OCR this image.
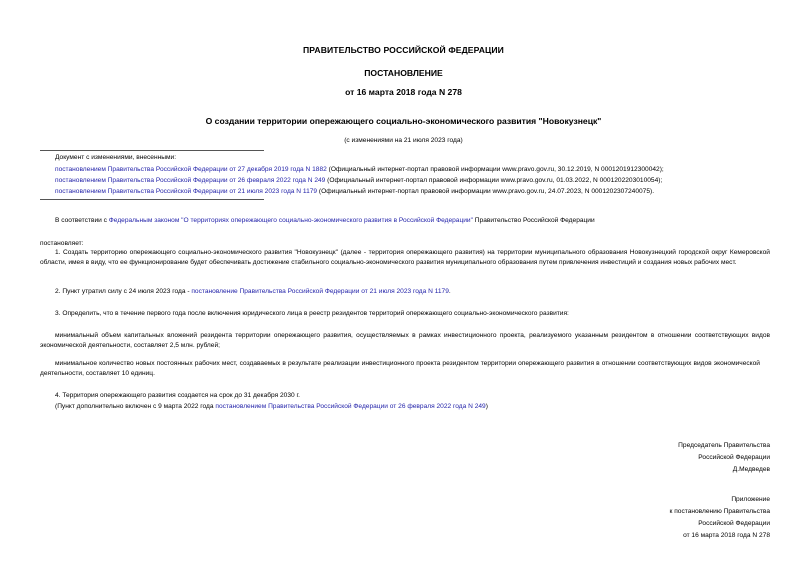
ПРАВИТЕЛЬСТВО РОССИЙСКОЙ ФЕДЕРАЦИИ
ПОСТАНОВЛЕНИЕ
от 16 марта 2018 года N 278
О создании территории опережающего социально-экономического развития "Новокузнецк"
(с изменениями на 21 июля 2023 года)
Документ с изменениями, внесенными:
постановлением Правительства Российской Федерации от 27 декабря 2019 года N 1882 (Официальный интернет-портал правовой информации www.pravo.gov.ru, 30.12.2019, N 0001201912300042);
постановлением Правительства Российской Федерации от 26 февраля 2022 года N 249 (Официальный интернет-портал правовой информации www.pravo.gov.ru, 01.03.2022, N 0001202203010054);
постановлением Правительства Российской Федерации от 21 июля 2023 года N 1179 (Официальный интернет-портал правовой информации www.pravo.gov.ru, 24.07.2023, N 0001202307240075).
В соответствии с Федеральным законом "О территориях опережающего социально-экономического развития в Российской Федерации" Правительство Российской Федерации
постановляет:
1. Создать территорию опережающего социально-экономического развития "Новокузнецк" (далее - территория опережающего развития) на территории муниципального образования Новокузнецкий городской округ Кемеровской области, имея в виду, что ее функционирование будет обеспечивать достижение стабильного социально-экономического развития муниципального образования путем привлечения инвестиций и создания новых рабочих мест.
2. Пункт утратил силу с 24 июля 2023 года - постановление Правительства Российской Федерации от 21 июля 2023 года N 1179.
3. Определить, что в течение первого года после включения юридического лица в реестр резидентов территорий опережающего социально-экономического развития:
минимальный объем капитальных вложений резидента территории опережающего развития, осуществляемых в рамках инвестиционного проекта, реализуемого указанным резидентом в отношении соответствующих видов экономической деятельности, составляет 2,5 млн. рублей;
минимальное количество новых постоянных рабочих мест, создаваемых в результате реализации инвестиционного проекта резидентом территории опережающего развития в отношении соответствующих видов экономической деятельности, составляет 10 единиц.
4. Территория опережающего развития создается на срок до 31 декабря 2030 г.
(Пункт дополнительно включен с 9 марта 2022 года постановлением Правительства Российской Федерации от 26 февраля 2022 года N 249)
Председатель Правительства
Российской Федерации
Д.Медведев
Приложение
к постановлению Правительства
Российской Федерации
от 16 марта 2018 года N 278
